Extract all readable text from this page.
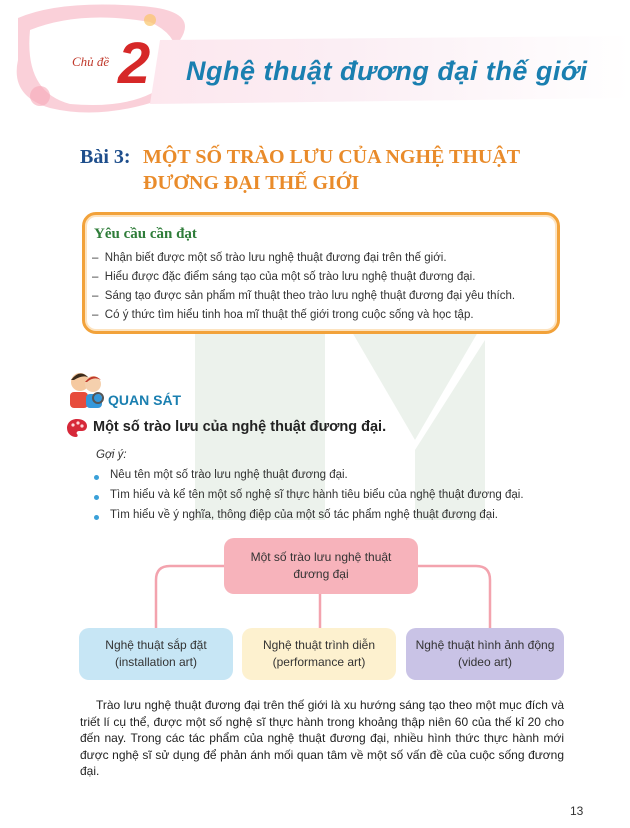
Chủ đề 2 Nghệ thuật đương đại thế giới
Bài 3: MỘT SỐ TRÀO LƯU CỦA NGHỆ THUẬT ĐƯƠNG ĐẠI THẾ GIỚI
Yêu cầu cần đạt
–  Nhận biết được một số trào lưu nghệ thuật đương đại trên thế giới.
–  Hiểu được đặc điểm sáng tạo của một số trào lưu nghệ thuật đương đại.
–  Sáng tạo được sản phẩm mĩ thuật theo trào lưu nghệ thuật đương đại yêu thích.
–  Có ý thức tìm hiểu tinh hoa mĩ thuật thế giới trong cuộc sống và học tập.
QUAN SÁT
Một số trào lưu của nghệ thuật đương đại.
Gợi ý:
Nêu tên một số trào lưu nghệ thuật đương đại.
Tìm hiểu và kể tên một số nghệ sĩ thực hành tiêu biểu của nghệ thuật đương đại.
Tìm hiểu về ý nghĩa, thông điệp của một số tác phẩm nghệ thuật đương đại.
Một số trào lưu nghệ thuật
đương đại
Nghệ thuật sắp đặt
(installation art)
Nghệ thuật trình diễn
(performance art)
Nghệ thuật hình ảnh động
(video art)
Trào lưu nghệ thuật đương đại trên thế giới là xu hướng sáng tạo theo một mục đích và triết lí cụ thể, được một số nghệ sĩ thực hành trong khoảng thập niên 60 của thế kỉ 20 cho đến nay. Trong các tác phẩm của nghệ thuật đương đại, nhiều hình thức thực hành mới được nghệ sĩ sử dụng để phản ánh mối quan tâm về một số vấn đề của cuộc sống đương đại.
13
